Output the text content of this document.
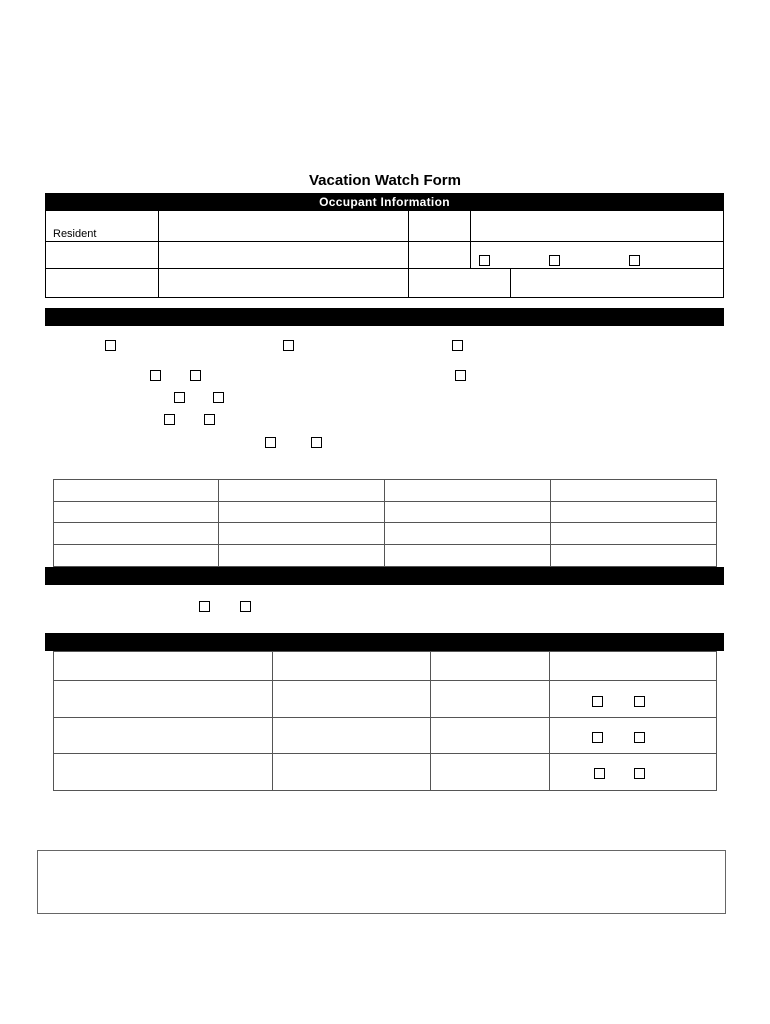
Vacation Watch Form
Occupant Information
Resident
